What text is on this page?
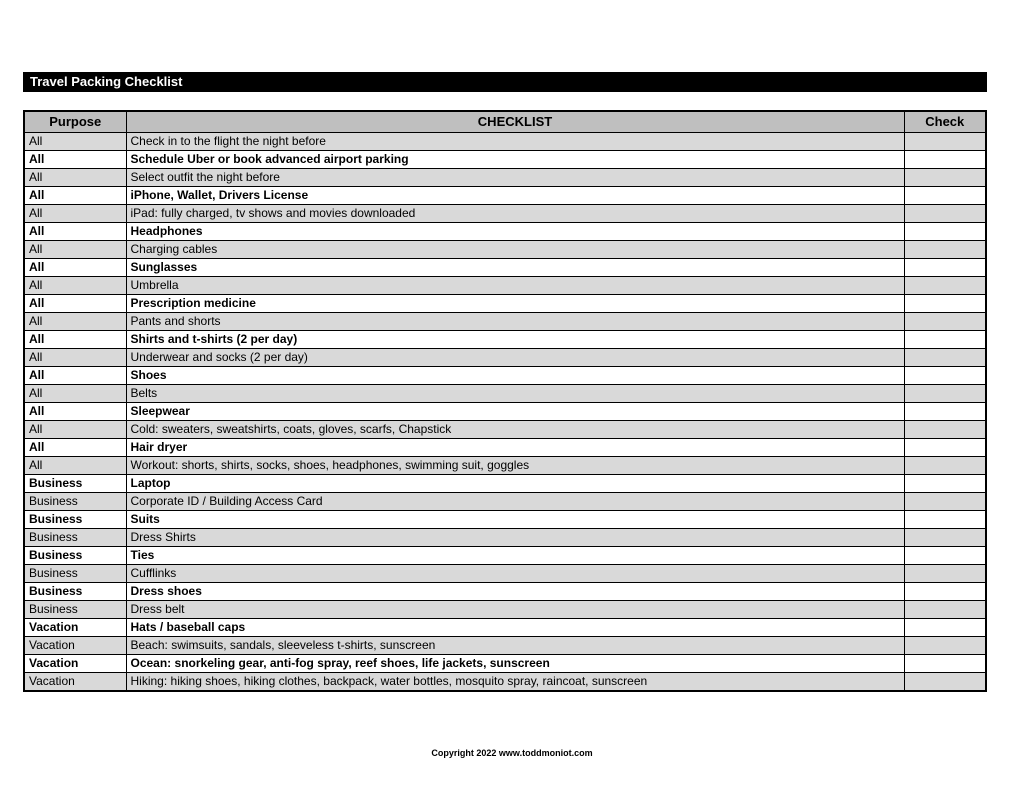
Travel Packing Checklist
Purpose	CHECKLIST	Check
All	Check in to the flight the night before	
All	Schedule Uber or book advanced airport parking	
All	Select outfit the night before	
All	iPhone, Wallet, Drivers License	
All	iPad: fully charged, tv shows and movies downloaded	
All	Headphones	
All	Charging cables	
All	Sunglasses	
All	Umbrella	
All	Prescription medicine	
All	Pants and shorts	
All	Shirts and t-shirts (2 per day)	
All	Underwear and socks (2 per day)	
All	Shoes	
All	Belts	
All	Sleepwear	
All	Cold: sweaters, sweatshirts, coats, gloves, scarfs, Chapstick	
All	Hair dryer	
All	Workout: shorts, shirts, socks, shoes, headphones, swimming suit, goggles	
Business	Laptop	
Business	Corporate ID / Building Access Card	
Business	Suits	
Business	Dress Shirts	
Business	Ties	
Business	Cufflinks	
Business	Dress shoes	
Business	Dress belt	
Vacation	Hats / baseball caps	
Vacation	Beach: swimsuits, sandals, sleeveless t-shirts, sunscreen	
Vacation	Ocean: snorkeling gear, anti-fog spray, reef shoes, life jackets, sunscreen	
Vacation	Hiking: hiking shoes, hiking clothes, backpack, water bottles, mosquito spray, raincoat, sunscreen	
Copyright 2022 www.toddmoniot.com
